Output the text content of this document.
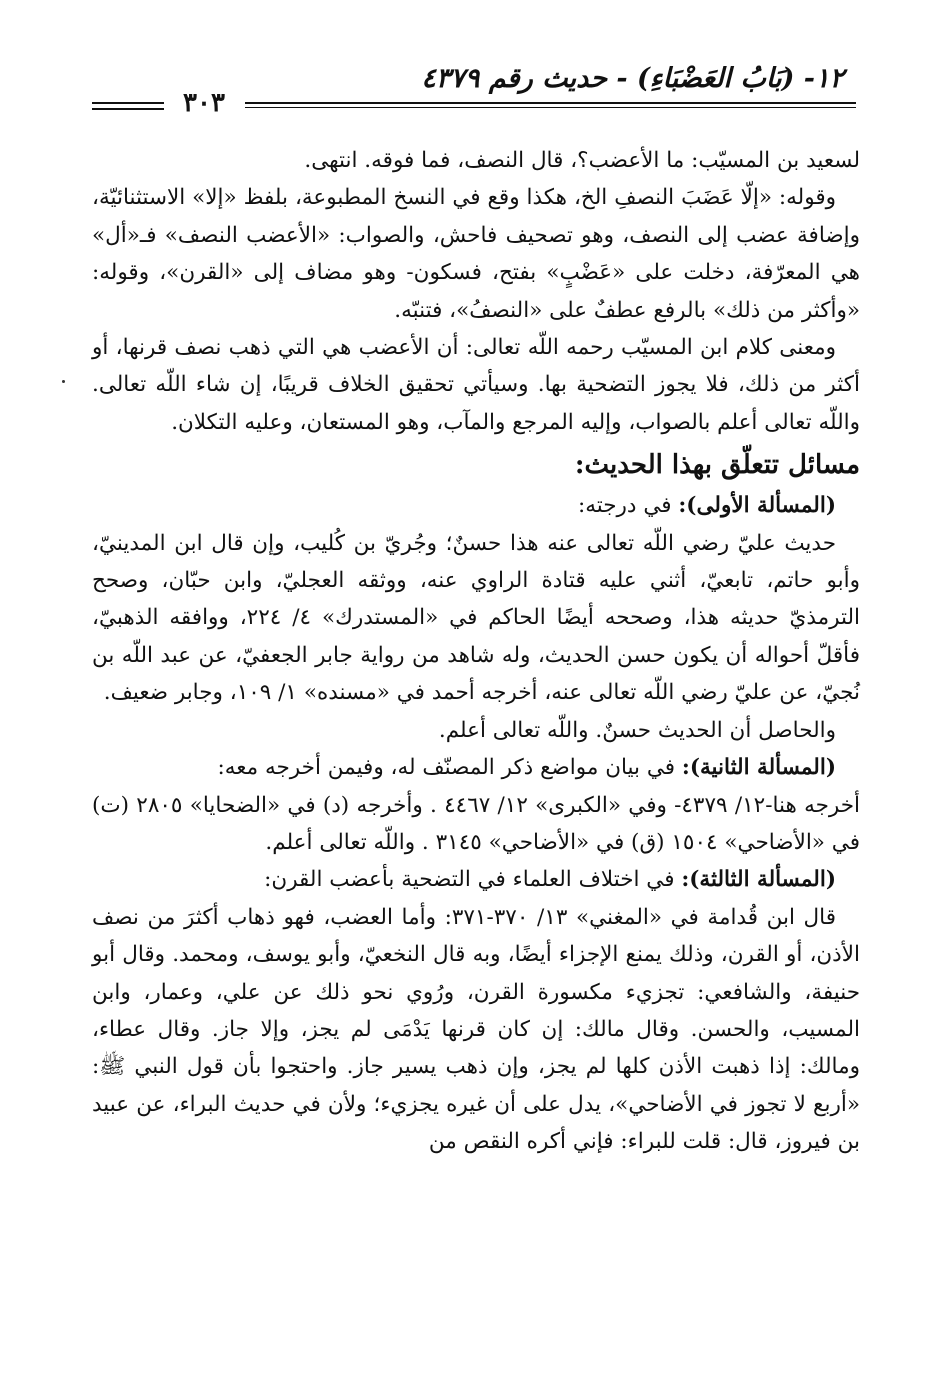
١٢- (بَابُ العَضْبَاءِ) - حديث رقم ٤٣٧٩
٣٠٣

لسعيد بن المسيّب: ما الأعضب؟، قال النصف، فما فوقه. انتهى.

وقوله: «إلّا عَضَبَ النصفِ الخ، هكذا وقع في النسخ المطبوعة، بلفظ «إلا» الاستثنائيّة، وإضافة عضب إلى النصف، وهو تصحيف فاحش، والصواب: «الأعضب النصف» فـ«أل» هي المعرّفة، دخلت على «عَضْبٍ» بفتح، فسكون- وهو مضاف إلى «القرن»، وقوله: «وأكثر من ذلك» بالرفع عطفٌ على «النصفُ»، فتنبّه.

ومعنى كلام ابن المسيّب رحمه اللّه تعالى: أن الأعضب هي التي ذهب نصف قرنها، أو أكثر من ذلك، فلا يجوز التضحية بها. وسيأتي تحقيق الخلاف قريبًا، إن شاء اللّه تعالى. واللّه تعالى أعلم بالصواب، وإليه المرجع والمآب، وهو المستعان، وعليه التكلان.

مسائل تتعلّق بهذا الحديث:

(المسألة الأولى): في درجته:

حديث عليّ رضي اللّه تعالى عنه هذا حسنٌ؛ وجُريّ بن كُليب، وإن قال ابن المدينيّ، وأبو حاتم، تابعيّ، أثني عليه قتادة الراوي عنه، ووثقه العجليّ، وابن حبّان، وصحح الترمذيّ حديثه هذا، وصححه أيضًا الحاكم في «المستدرك» ٤/ ٢٢٤، ووافقه الذهبيّ، فأقلّ أحواله أن يكون حسن الحديث، وله شاهد من رواية جابر الجعفيّ، عن عبد اللّه بن نُجيّ، عن عليّ رضي اللّه تعالى عنه، أخرجه أحمد في «مسنده» ١/ ١٠٩، وجابر ضعيف.

والحاصل أن الحديث حسنٌ. واللّه تعالى أعلم.

(المسألة الثانية): في بيان مواضع ذكر المصنّف له، وفيمن أخرجه معه:

أخرجه هنا-١٢/ ٤٣٧٩- وفي «الكبرى» ١٢/ ٤٤٦٧ . وأخرجه (د) في «الضحايا» ٢٨٠٥ (ت) في «الأضاحي» ١٥٠٤ (ق) في «الأضاحي» ٣١٤٥ . واللّه تعالى أعلم.

(المسألة الثالثة): في اختلاف العلماء في التضحية بأعضب القرن:

قال ابن قُدامة في «المغني» ١٣/ ٣٧٠-٣٧١: وأما العضب، فهو ذهاب أكثرَ من نصف الأذن، أو القرن، وذلك يمنع الإجزاء أيضًا، وبه قال النخعيّ، وأبو يوسف، ومحمد. وقال أبو حنيفة، والشافعي: تجزيء مكسورة القرن، ورُوي نحو ذلك عن علي، وعمار، وابن المسيب، والحسن. وقال مالك: إن كان قرنها يَدْمَى لم يجز، وإلا جاز. وقال عطاء، ومالك: إذا ذهبت الأذن كلها لم يجز، وإن ذهب يسير جاز. واحتجوا بأن قول النبي ﷺ: «أربع لا تجوز في الأضاحي»، يدل على أن غيره يجزيء؛ ولأن في حديث البراء، عن عبيد بن فيروز، قال: قلت للبراء: فإني أكره النقص من
